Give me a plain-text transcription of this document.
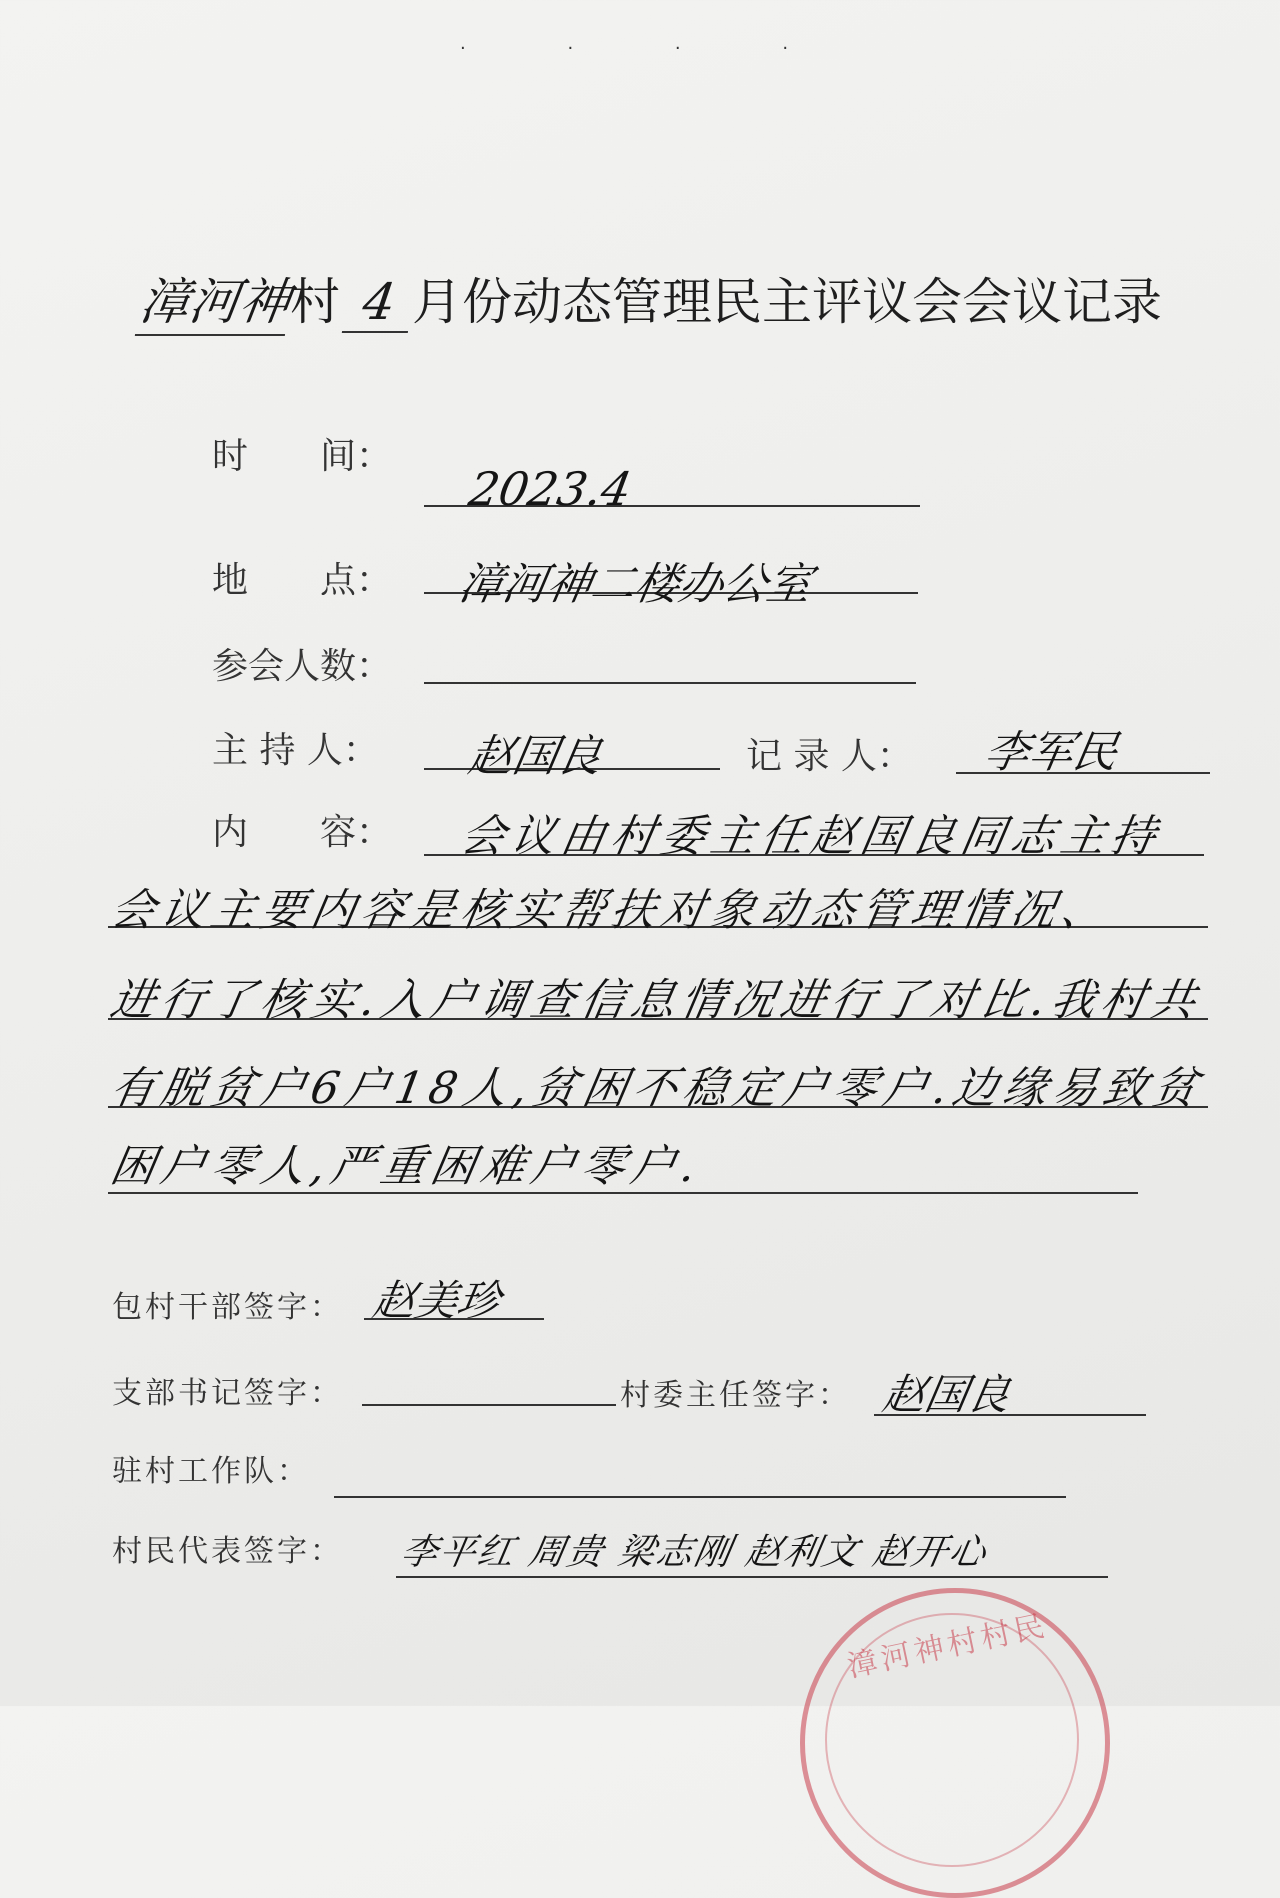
· · · ·
漳河神村 4 月份动态管理民主评议会会议记录
时　　间：
2023.4
地　　点： 漳河神二楼办公室
参会人数：
主 持 人： 赵国良	记 录 人： 李军民
内　　容： 会议由村委主任赵国良同志主持
会议主要内容是核实帮扶对象动态管理情况、
进行了核实.入户调查信息情况进行了对比.我村共
有脱贫户6户18人,贫困不稳定户零户.边缘易致贫
困户零人,严重困难户零户.
包村干部签字： 赵美珍
支部书记签字：	村委主任签字： 赵国良
驻村工作队：
村民代表签字： 李平红 周贵 梁志刚 赵利文 赵开心
漳河神村村民
